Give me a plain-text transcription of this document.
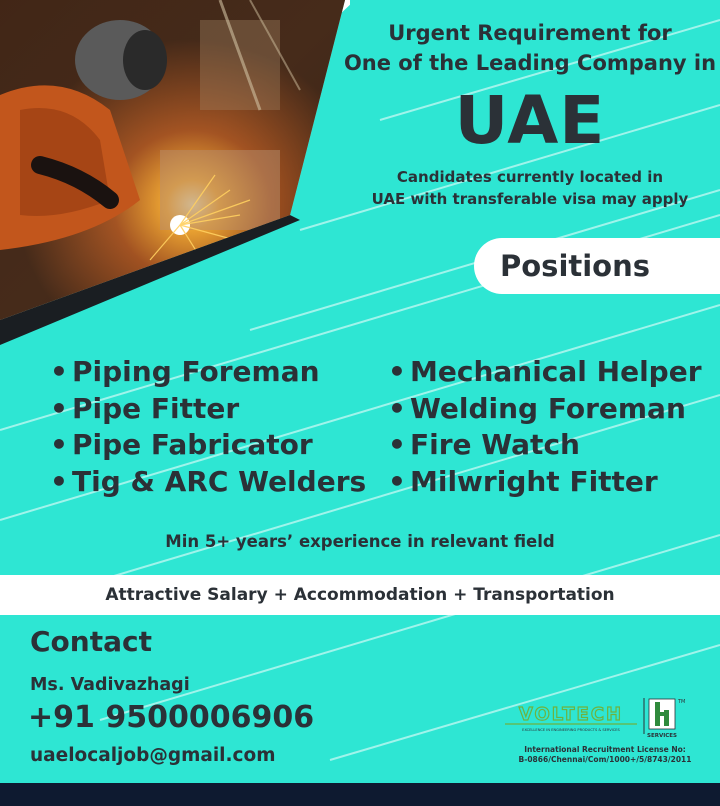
Urgent Requirement for
One of the Leading Company in
UAE
Candidates currently located in
UAE with transferable visa may apply
Positions
• Piping Foreman
• Pipe Fitter
• Pipe Fabricator
• Tig & ARC Welders
• Mechanical Helper
• Welding Foreman
• Fire Watch
• Milwright Fitter
Min 5+ years’ experience in relevant field
Attractive Salary + Accommodation + Transportation
Contact
Ms. Vadivazhagi
+91 9500006906
uaelocaljob@gmail.com
VOLTECH
EXCELLENCE IN ENGINEERING PRODUCTS & SERVICES
SERVICES
TM
International Recruitment License No:
B-0866/Chennai/Com/1000+/5/8743/2011
